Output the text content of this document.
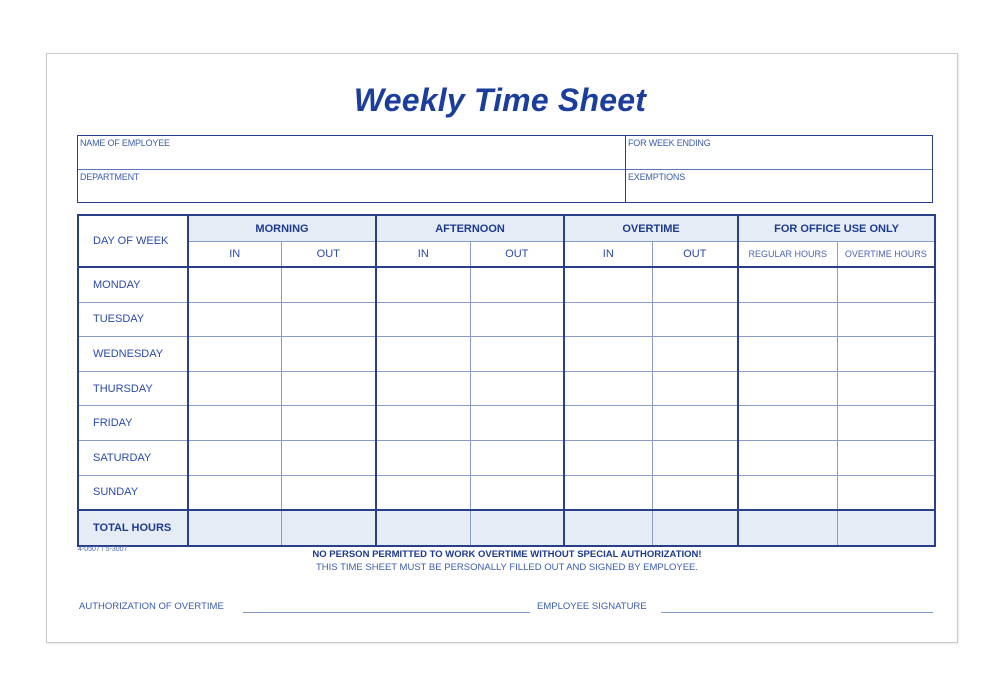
Weekly Time Sheet
NAME OF EMPLOYEE	FOR WEEK ENDING
DEPARTMENT	EXEMPTIONS
DAY OF WEEK	MORNING		AFTERNOON		OVERTIME		FOR OFFICE USE ONLY	
	IN	OUT	IN	OUT	IN	OUT	REGULAR HOURS	OVERTIME HOURS
MONDAY								
TUESDAY								
WEDNESDAY								
THURSDAY								
FRIDAY								
SATURDAY								
SUNDAY								
TOTAL HOURS								
4-0507 / 5-3007	NO PERSON PERMITTED TO WORK OVERTIME WITHOUT SPECIAL AUTHORIZATION!
THIS TIME SHEET MUST BE PERSONALLY FILLED OUT AND SIGNED BY EMPLOYEE.
AUTHORIZATION OF OVERTIME	EMPLOYEE SIGNATURE
